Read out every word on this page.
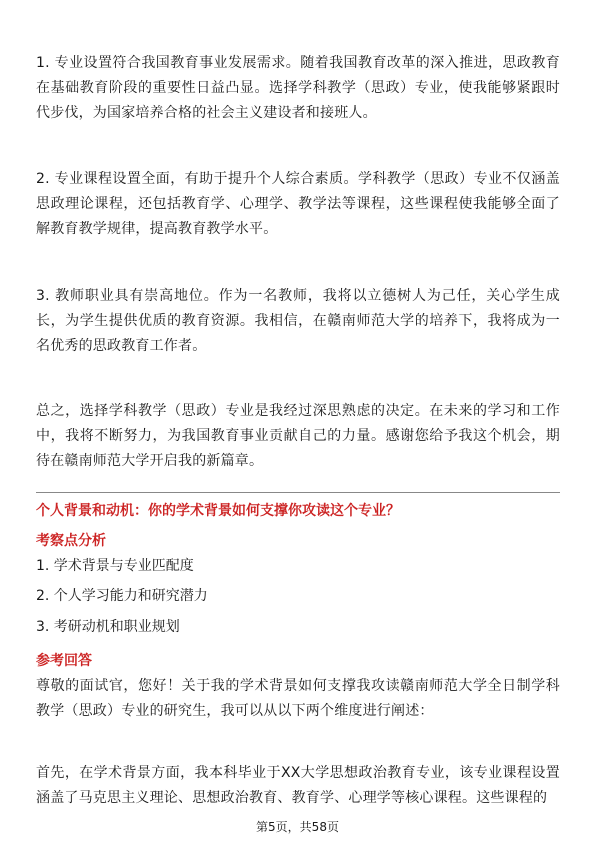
1. 专业设置符合我国教育事业发展需求。随着我国教育改革的深入推进，思政教育在基础教育阶段的重要性日益凸显。选择学科教学（思政）专业，使我能够紧跟时代步伐，为国家培养合格的社会主义建设者和接班人。

2. 专业课程设置全面，有助于提升个人综合素质。学科教学（思政）专业不仅涵盖思政理论课程，还包括教育学、心理学、教学法等课程，这些课程使我能够全面了解教育教学规律，提高教育教学水平。

3. 教师职业具有崇高地位。作为一名教师，我将以立德树人为己任，关心学生成长，为学生提供优质的教育资源。我相信，在赣南师范大学的培养下，我将成为一名优秀的思政教育工作者。

总之，选择学科教学（思政）专业是我经过深思熟虑的决定。在未来的学习和工作中，我将不断努力，为我国教育事业贡献自己的力量。感谢您给予我这个机会，期待在赣南师范大学开启我的新篇章。

个人背景和动机：你的学术背景如何支撑你攻读这个专业？
考察点分析
1. 学术背景与专业匹配度
2. 个人学习能力和研究潜力
3. 考研动机和职业规划
参考回答

尊敬的面试官，您好！关于我的学术背景如何支撑我攻读赣南师范大学全日制学科教学（思政）专业的研究生，我可以从以下两个维度进行阐述：

首先，在学术背景方面，我本科毕业于XX大学思想政治教育专业，该专业课程设置涵盖了马克思主义理论、思想政治教育、教育学、心理学等核心课程。这些课程的

第5页，共58页
